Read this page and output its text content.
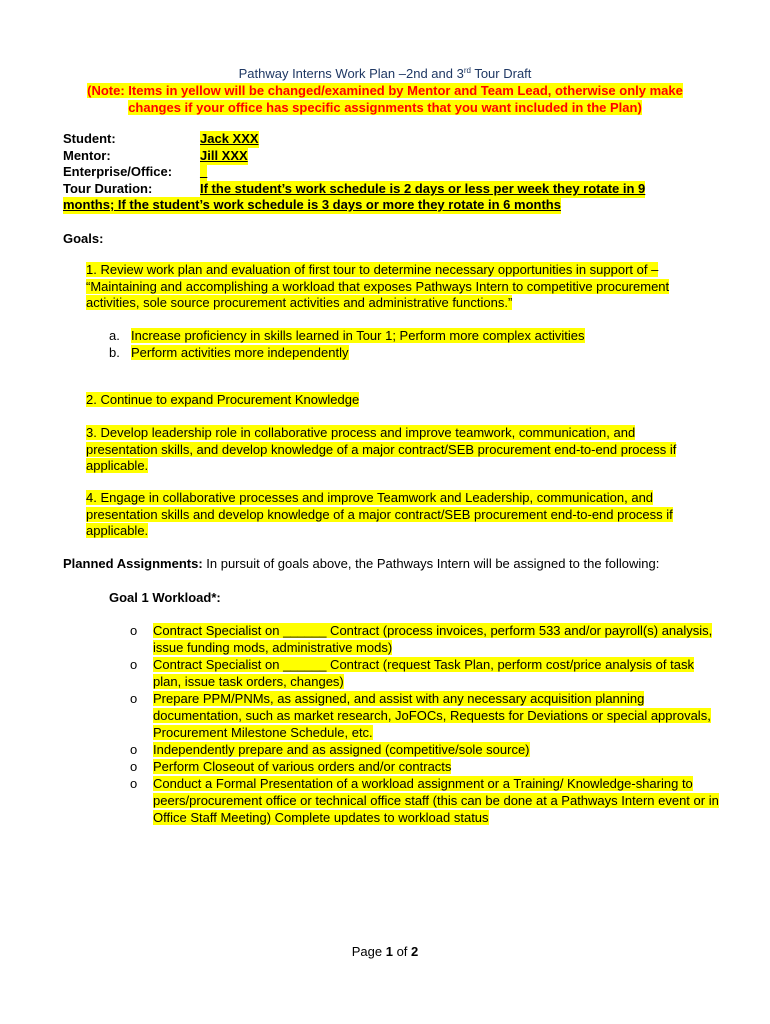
Pathway Interns Work Plan –2nd and 3rd Tour Draft
(Note: Items in yellow will be changed/examined by Mentor and Team Lead, otherwise only make changes if your office has specific assignments that you want included in the Plan)
Student:	Jack XXX
Mentor:	Jill XXX
Enterprise/Office: _
Tour Duration:	If the student’s work schedule is 2 days or less per week they rotate in 9
months; If the student’s work schedule is 3 days or more they rotate in 6 months
Goals:
1. Review work plan and evaluation of first tour to determine necessary opportunities in support of – “Maintaining and accomplishing a workload that exposes Pathways Intern to competitive procurement activities, sole source procurement activities and administrative functions.”
a. Increase proficiency in skills learned in Tour 1; Perform more complex activities
b. Perform activities more independently
2. Continue to expand Procurement Knowledge
3. Develop leadership role in collaborative process and improve teamwork, communication, and presentation skills, and develop knowledge of a major contract/SEB procurement end-to-end process if applicable.
4. Engage in collaborative processes and improve Teamwork and Leadership, communication, and presentation skills and develop knowledge of a major contract/SEB procurement end-to-end process if applicable.
Planned Assignments: In pursuit of goals above, the Pathways Intern will be assigned to the following:
Goal 1 Workload*:
o Contract Specialist on ______ Contract (process invoices, perform 533 and/or payroll(s) analysis, issue funding mods, administrative mods)
o Contract Specialist on ______ Contract (request Task Plan, perform cost/price analysis of task plan, issue task orders, changes)
o Prepare PPM/PNMs, as assigned, and assist with any necessary acquisition planning documentation, such as market research, JoFOCs, Requests for Deviations or special approvals, Procurement Milestone Schedule, etc.
o Independently prepare and as assigned (competitive/sole source)
o Perform Closeout of various orders and/or contracts
o Conduct a Formal Presentation of a workload assignment or a Training/ Knowledge-sharing to peers/procurement office or technical office staff (this can be done at a Pathways Intern event or in Office Staff Meeting) Complete updates to workload status
Page 1 of 2
